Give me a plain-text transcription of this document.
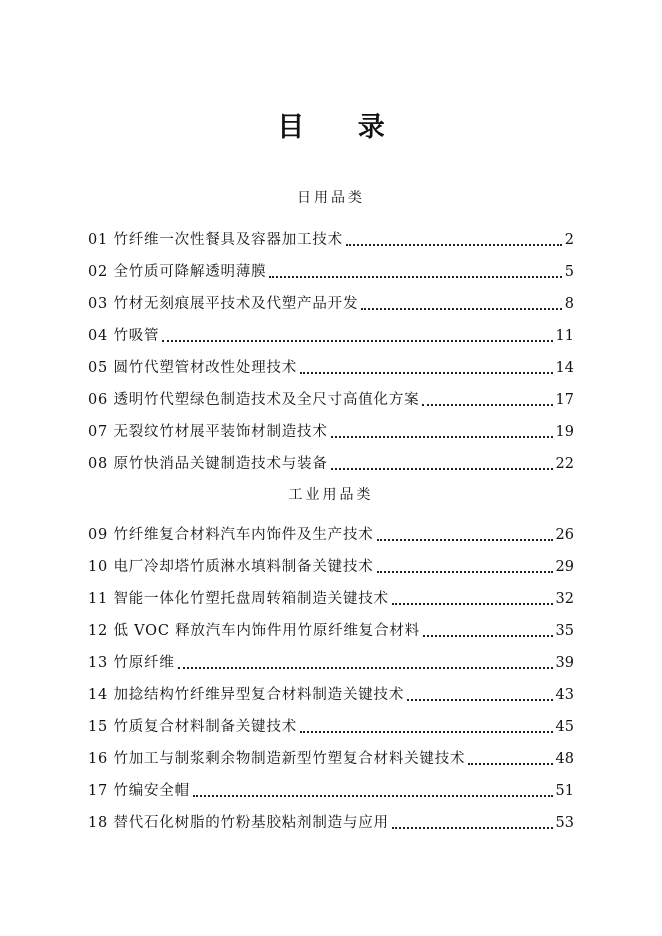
目 录
日用品类
01 竹纤维一次性餐具及容器加工技术	2
02 全竹质可降解透明薄膜	5
03 竹材无刻痕展平技术及代塑产品开发	8
04 竹吸管	11
05 圆竹代塑管材改性处理技术	14
06 透明竹代塑绿色制造技术及全尺寸高值化方案	17
07 无裂纹竹材展平装饰材制造技术	19
08 原竹快消品关键制造技术与装备	22
工业用品类
09 竹纤维复合材料汽车内饰件及生产技术	26
10 电厂冷却塔竹质淋水填料制备关键技术	29
11 智能一体化竹塑托盘周转箱制造关键技术	32
12 低 VOC 释放汽车内饰件用竹原纤维复合材料	35
13 竹原纤维	39
14 加捻结构竹纤维异型复合材料制造关键技术	43
15 竹质复合材料制备关键技术	45
16 竹加工与制浆剩余物制造新型竹塑复合材料关键技术	48
17 竹编安全帽	51
18 替代石化树脂的竹粉基胶粘剂制造与应用	53
